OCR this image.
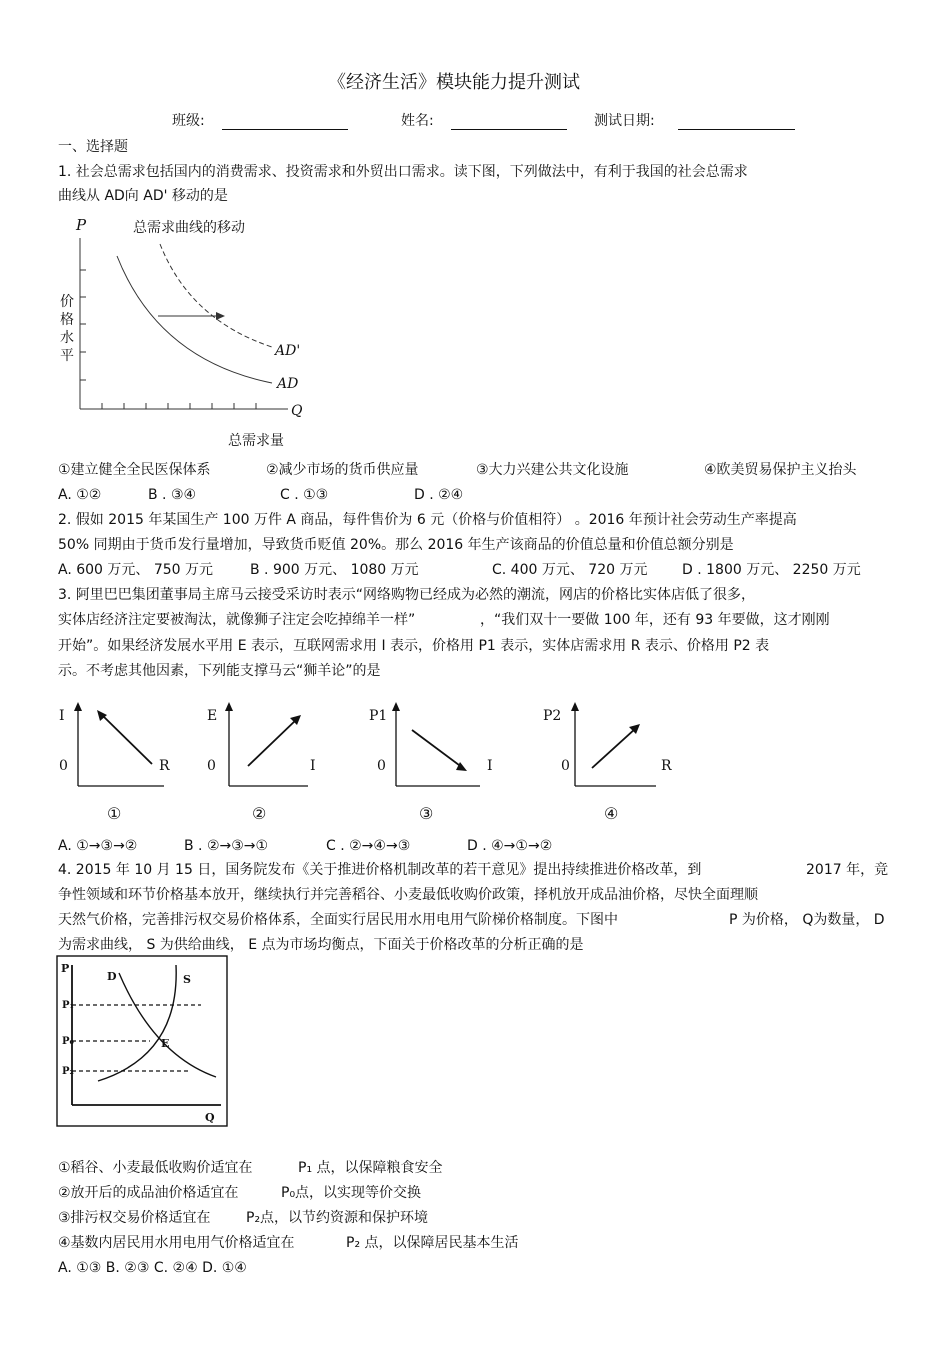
《经济生活》模块能力提升测试
班级:	姓名:	测试日期:
一、选择题
1. 社会总需求包括国内的消费需求、投资需求和外贸出口需求。读下图，下列做法中，有利于我国的社会总需求
曲线从 AD向 AD' 移动的是
P	总需求曲线的移动
价
格
水
平	AD'
AD
Q
总需求量
①建立健全全民医保体系	②减少市场的货币供应量	③大力兴建公共文化设施	④欧美贸易保护主义抬头
A. ①②	B . ③④	C . ①③	D . ②④
2. 假如 2015 年某国生产 100 万件 A 商品，每件售价为 6 元（价格与价值相符） 。2016 年预计社会劳动生产率提高
50% 同期由于货币发行量增加，导致货币贬值 20%。那么 2016 年生产该商品的价值总量和价值总额分别是
A. 600 万元、 750 万元	B . 900 万元、 1080 万元	C. 400 万元、 720 万元 D . 1800 万元、 2250 万元
3. 阿里巴巴集团董事局主席马云接受采访时表示“网络购物已经成为必然的潮流，网店的价格比实体店低了很多，
实体店经济注定要被淘汰，就像狮子注定会吃掉绵羊一样”	，“我们双十一要做 100 年，还有 93 年要做，这才刚刚
开始”。如果经济发展水平用 E 表示，互联网需求用 I 表示，价格用 P1 表示，实体店需求用 R 表示、价格用 P2 表
示。不考虑其他因素，下列能支撑马云“狮羊论”的是
I
0	R
①
E
0	I
②
P1
0	I
③
P2
0	R
④
A. ①→③→②	B . ②→③→①	C . ②→④→③	D . ④→①→②
4. 2015 年 10 月 15 日，国务院发布《关于推进价格机制改革的若干意见》提出持续推进价格改革，到	2017 年，竞
争性领域和环节价格基本放开，继续执行并完善稻谷、小麦最低收购价政策，择机放开成品油价格，尽快全面理顺
天然气价格，完善排污权交易价格体系，全面实行居民用水用电用气阶梯价格制度。下图中	P 为价格， Q为数量， D
为需求曲线， S 为供给曲线， E 点为市场均衡点，下面关于价格改革的分析正确的是
P
Q
P₁
P₀
P₂
D	S
E
①稻谷、小麦最低收购价适宜在	P₁ 点，以保障粮食安全
②放开后的成品油价格适宜在	P₀点，以实现等价交换
③排污权交易价格适宜在	P₂点，以节约资源和保护环境
④基数内居民用水用电用气价格适宜在	P₂ 点，以保障居民基本生活
A. ①③ B. ②③ C. ②④ D. ①④
